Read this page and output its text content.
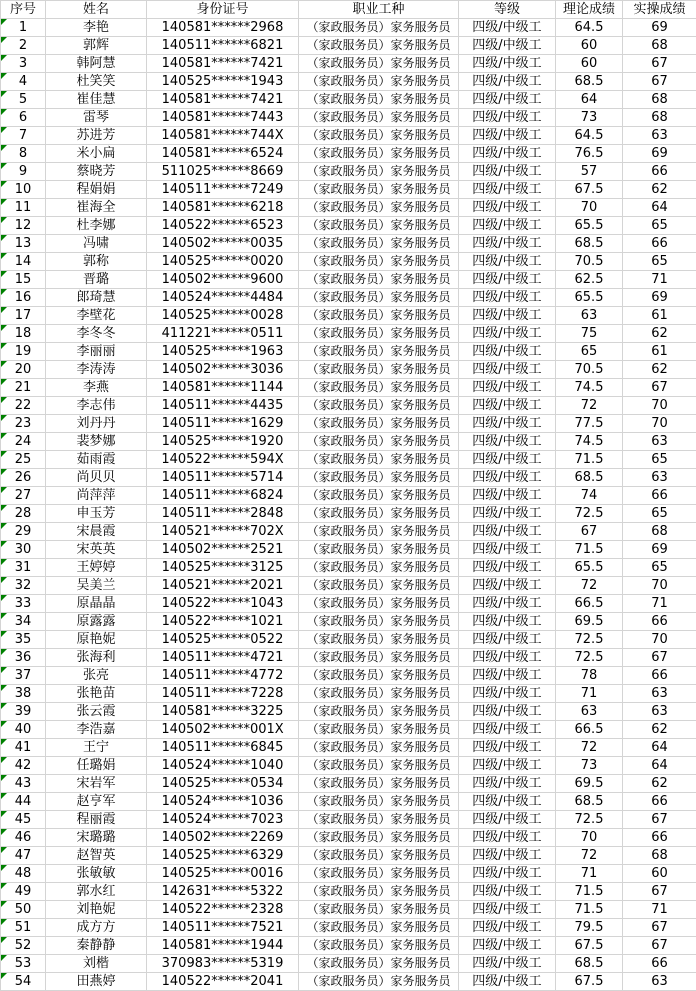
序号	姓名	身份证号	职业工种	等级	理论成绩	实操成绩

1	李艳	140581******2968	（家政服务员）家务服务员	四级/中级工	64.5	69

2	郭辉	140511******6821	（家政服务员）家务服务员	四级/中级工	60	68

3	韩阿慧	140581******7421	（家政服务员）家务服务员	四级/中级工	60	67

4	杜笑笑	140525******1943	（家政服务员）家务服务员	四级/中级工	68.5	67

5	崔佳慧	140581******7421	（家政服务员）家务服务员	四级/中级工	64	68

6	雷琴	140581******7443	（家政服务员）家务服务员	四级/中级工	73	68

7	苏进芳	140581******744X	（家政服务员）家务服务员	四级/中级工	64.5	63

8	米小扁	140581******6524	（家政服务员）家务服务员	四级/中级工	76.5	69

9	蔡晓芳	511025******8669	（家政服务员）家务服务员	四级/中级工	57	66

10	程娟娟	140511******7249	（家政服务员）家务服务员	四级/中级工	67.5	62

11	崔海全	140581******6218	（家政服务员）家务服务员	四级/中级工	70	64

12	杜李娜	140522******6523	（家政服务员）家务服务员	四级/中级工	65.5	65

13	冯啸	140502******0035	（家政服务员）家务服务员	四级/中级工	68.5	66

14	郭称	140525******0020	（家政服务员）家务服务员	四级/中级工	70.5	65

15	晋璐	140502******9600	（家政服务员）家务服务员	四级/中级工	62.5	71

16	郎琦慧	140524******4484	（家政服务员）家务服务员	四级/中级工	65.5	69

17	李壁花	140525******0028	（家政服务员）家务服务员	四级/中级工	63	61

18	李冬冬	411221******0511	（家政服务员）家务服务员	四级/中级工	75	62

19	李丽丽	140525******1963	（家政服务员）家务服务员	四级/中级工	65	61

20	李涛涛	140502******3036	（家政服务员）家务服务员	四级/中级工	70.5	62

21	李燕	140581******1144	（家政服务员）家务服务员	四级/中级工	74.5	67

22	李志伟	140511******4435	（家政服务员）家务服务员	四级/中级工	72	70

23	刘丹丹	140511******1629	（家政服务员）家务服务员	四级/中级工	77.5	70

24	裴梦娜	140525******1920	（家政服务员）家务服务员	四级/中级工	74.5	63

25	茹雨霞	140522******594X	（家政服务员）家务服务员	四级/中级工	71.5	65

26	尚贝贝	140511******5714	（家政服务员）家务服务员	四级/中级工	68.5	63

27	尚萍萍	140511******6824	（家政服务员）家务服务员	四级/中级工	74	66

28	申玉芳	140511******2848	（家政服务员）家务服务员	四级/中级工	72.5	65

29	宋晨霞	140521******702X	（家政服务员）家务服务员	四级/中级工	67	68

30	宋英英	140502******2521	（家政服务员）家务服务员	四级/中级工	71.5	69

31	王婷婷	140525******3125	（家政服务员）家务服务员	四级/中级工	65.5	65

32	吴美兰	140521******2021	（家政服务员）家务服务员	四级/中级工	72	70

33	原晶晶	140522******1043	（家政服务员）家务服务员	四级/中级工	66.5	71

34	原露露	140522******1021	（家政服务员）家务服务员	四级/中级工	69.5	66

35	原艳妮	140525******0522	（家政服务员）家务服务员	四级/中级工	72.5	70

36	张海利	140511******4721	（家政服务员）家务服务员	四级/中级工	72.5	67

37	张亮	140511******4772	（家政服务员）家务服务员	四级/中级工	78	66

38	张艳苗	140511******7228	（家政服务员）家务服务员	四级/中级工	71	63

39	张云霞	140581******3225	（家政服务员）家务服务员	四级/中级工	63	63

40	李浩嘉	140502******001X	（家政服务员）家务服务员	四级/中级工	66.5	62

41	王宁	140511******6845	（家政服务员）家务服务员	四级/中级工	72	64

42	任璐娟	140524******1040	（家政服务员）家务服务员	四级/中级工	73	64

43	宋岩军	140525******0534	（家政服务员）家务服务员	四级/中级工	69.5	62

44	赵亨军	140524******1036	（家政服务员）家务服务员	四级/中级工	68.5	66

45	程丽霞	140524******7023	（家政服务员）家务服务员	四级/中级工	72.5	67

46	宋璐璐	140502******2269	（家政服务员）家务服务员	四级/中级工	70	66

47	赵智英	140525******6329	（家政服务员）家务服务员	四级/中级工	72	68

48	张敏敏	140525******0016	（家政服务员）家务服务员	四级/中级工	71	60

49	郭水红	142631******5322	（家政服务员）家务服务员	四级/中级工	71.5	67

50	刘艳妮	140522******2328	（家政服务员）家务服务员	四级/中级工	71.5	71

51	成方方	140511******7521	（家政服务员）家务服务员	四级/中级工	79.5	67

52	秦静静	140581******1944	（家政服务员）家务服务员	四级/中级工	67.5	67

53	刘楷	370983******5319	（家政服务员）家务服务员	四级/中级工	68.5	66

54	田燕婷	140522******2041	（家政服务员）家务服务员	四级/中级工	67.5	63
